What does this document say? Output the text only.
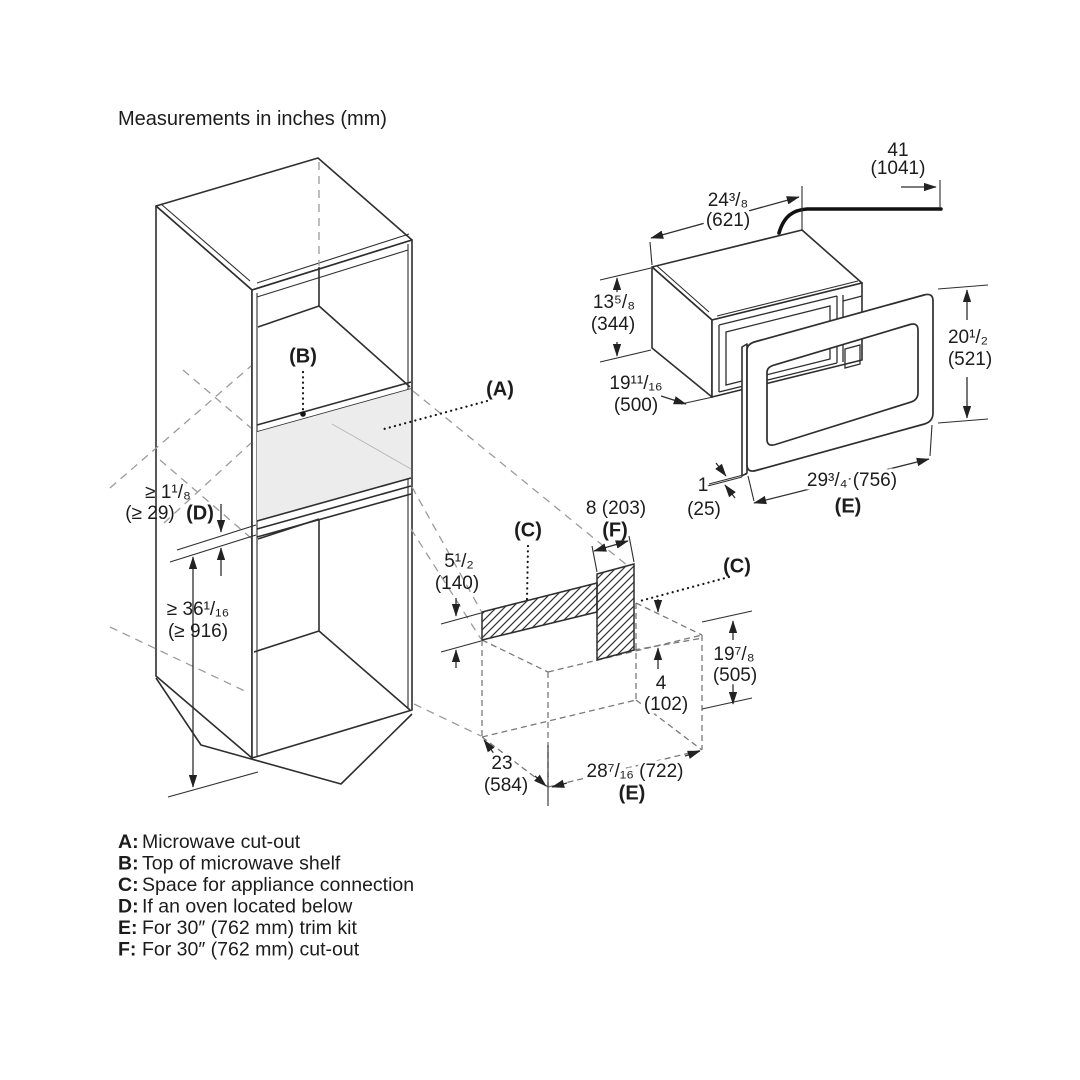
Measurements in inches (mm)
≥ 1¹/₈
(≥ 29) (D)
≥ 36¹/₁₆
(≥ 916)
(B)
(A)
24³/₈
(621)
41
(1041)
13⁵/₈
(344)
19¹¹/₁₆
(500)
20¹/₂
(521)
29³/₄ (756)
(E)
1
(25)
8 (203)
(F)
(C)
(C)
5¹/₂
(140)
4
(102)
19⁷/₈
(505)
23
(584)
28⁷/₁₆ (722)
(E)
A: Microwave cut-out
B: Top of microwave shelf
C: Space for appliance connection
D: If an oven located below
E: For 30″ (762 mm) trim kit
F: For 30″ (762 mm) cut-out
